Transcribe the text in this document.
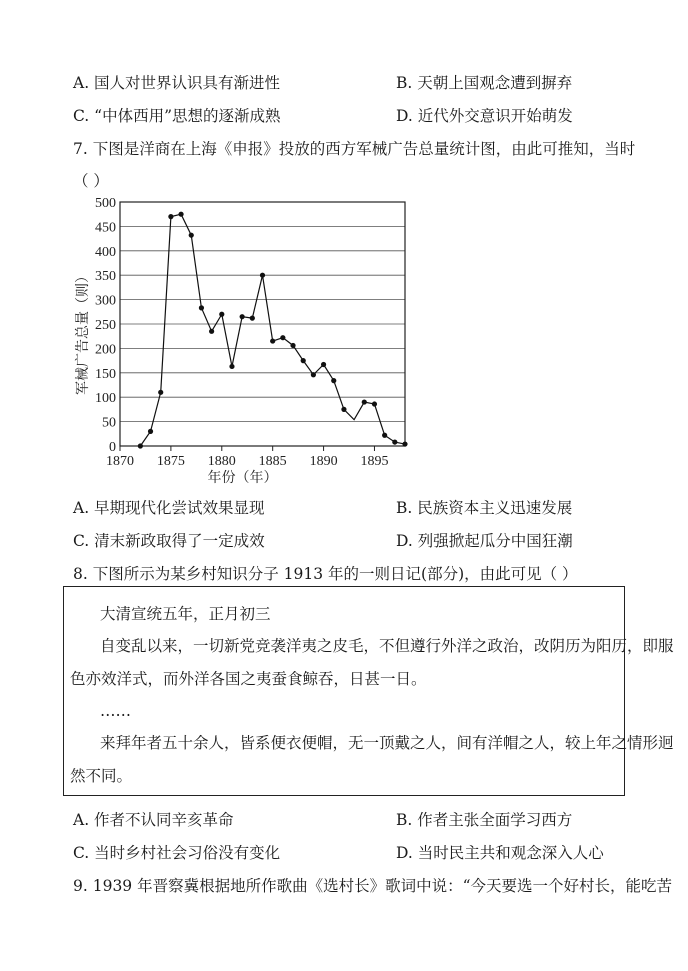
A. 国人对世界认识具有渐进性	B. 天朝上国观念遭到摒弃
C. “中体西用”思想的逐渐成熟	D. 近代外交意识开始萌发
7. 下图是洋商在上海《申报》投放的西方军械广告总量统计图，由此可推知，当时
（ ）
0
50
100
150
200
250
300
350
400
450
500
1870 1875 1880 1885 1890 1895
年份（年）
军械广告总量（则）
A. 早期现代化尝试效果显现	B. 民族资本主义迅速发展
C. 清末新政取得了一定成效	D. 列强掀起瓜分中国狂潮
8. 下图所示为某乡村知识分子 1913 年的一则日记(部分)，由此可见（ ）
大清宣统五年，正月初三
自变乱以来，一切新党竞袭洋夷之皮毛，不但遵行外洋之政治，改阴历为阳历，即服
色亦效洋式，而外洋各国之夷蚕食鲸吞，日甚一日。
……
来拜年者五十余人，皆系便衣便帽，无一顶戴之人，间有洋帽之人，较上年之情形迥
然不同。
A. 作者不认同辛亥革命	B. 作者主张全面学习西方
C. 当时乡村社会习俗没有变化	D. 当时民主共和观念深入人心
9. 1939 年晋察冀根据地所作歌曲《选村长》歌词中说：“今天要选一个好村长，能吃苦
